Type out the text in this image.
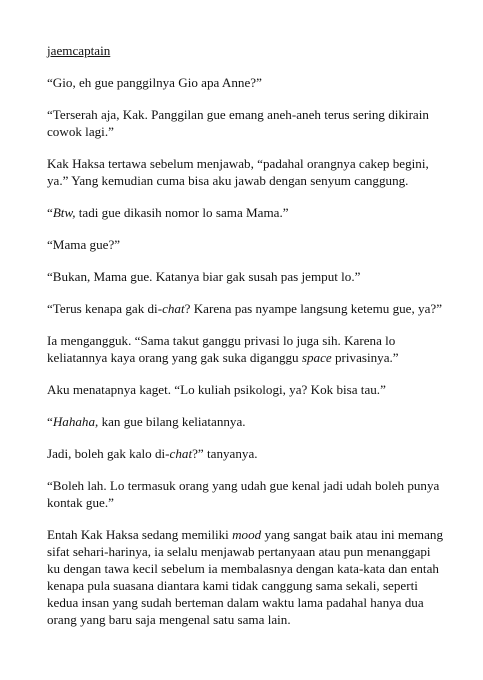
jaemcaptain

“Gio, eh gue panggilnya Gio apa Anne?”

“Terserah aja, Kak. Panggilan gue emang aneh-aneh terus sering dikirain cowok lagi.”

Kak Haksa tertawa sebelum menjawab, “padahal orangnya cakep begini, ya.” Yang kemudian cuma bisa aku jawab dengan senyum canggung.

“Btw, tadi gue dikasih nomor lo sama Mama.”

“Mama gue?”

“Bukan, Mama gue. Katanya biar gak susah pas jemput lo.”

“Terus kenapa gak di-chat? Karena pas nyampe langsung ketemu gue, ya?”

Ia mengangguk. “Sama takut ganggu privasi lo juga sih. Karena lo keliatannya kaya orang yang gak suka diganggu space privasinya.”

Aku menatapnya kaget. “Lo kuliah psikologi, ya? Kok bisa tau.”

“Hahaha, kan gue bilang keliatannya.

Jadi, boleh gak kalo di-chat?” tanyanya.

“Boleh lah. Lo termasuk orang yang udah gue kenal jadi udah boleh punya kontak gue.”

Entah Kak Haksa sedang memiliki mood yang sangat baik atau ini memang sifat sehari-harinya, ia selalu menjawab pertanyaan atau pun menanggapi ku dengan tawa kecil sebelum ia membalasnya dengan kata-kata dan entah kenapa pula suasana diantara kami tidak canggung sama sekali, seperti kedua insan yang sudah berteman dalam waktu lama padahal hanya dua orang yang baru saja mengenal satu sama lain.
